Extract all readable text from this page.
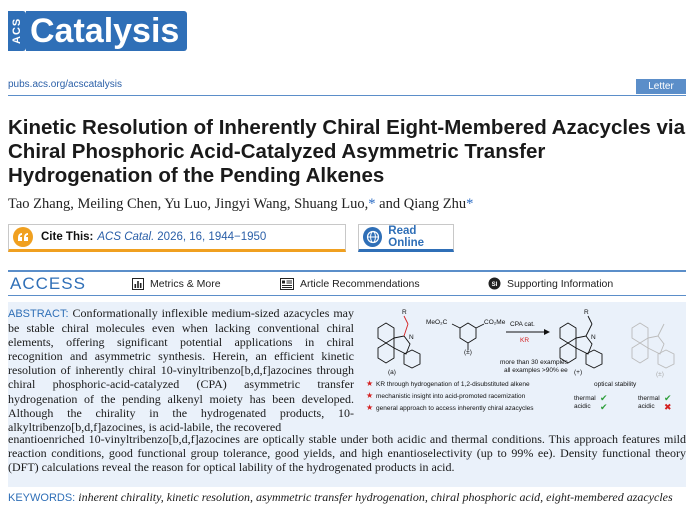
ACS Catalysis
pubs.acs.org/acscatalysis	Letter
Kinetic Resolution of Inherently Chiral Eight-Membered Azacycles via Chiral Phosphoric Acid-Catalyzed Asymmetric Transfer Hydrogenation of the Pending Alkenes
Tao Zhang, Meiling Chen, Yu Luo, Jingyi Wang, Shuang Luo,* and Qiang Zhu*
Cite This: ACS Catal. 2026, 16, 1944−1950	Read Online
ACCESS	Metrics & More	Article Recommendations	SI Supporting Information
ABSTRACT: Conformationally inflexible medium-sized azacycles may be stable chiral molecules even when lacking conventional chiral elements, offering significant potential applications in chiral recognition and asymmetric synthesis. Herein, an efficient kinetic resolution of inherently chiral 10-vinyltribenzo[b,d,f]azocines through chiral phosphoric-acid-catalyzed (CPA) asymmetric transfer hydrogenation of the pending alkenyl moiety has been developed. Although the chirality in the hydrogenated products, 10-alkyltribenzo[b,d,f]azocines, is acid-labile, the recovered
enantioenriched 10-vinyltribenzo[b,d,f]azocines are optically stable under both acidic and thermal conditions. This approach features mild reaction conditions, good functional group tolerance, good yields, and high enantioselectivity (up to 99% ee). Density functional theory (DFT) calculations reveal the reason for optical lability of the hydrogenated products in acid.
N
R
(a)
MeO₂C	CO₂Me
(±)
CPA cat.
KR
more than 30 examples
all examples >90% ee
N
R
(+)	(±)
★ KR through hydrogenation of 1,2-disubstituted alkene
★ mechanistic insight into acid-promoted racemization
★ general approach to access inherently chiral azacycles
optical stability
thermal
acidic
✔
✔
thermal
acidic
✔
✖
KEYWORDS: inherent chirality, kinetic resolution, asymmetric transfer hydrogenation, chiral phosphoric acid, eight-membered azacycles
